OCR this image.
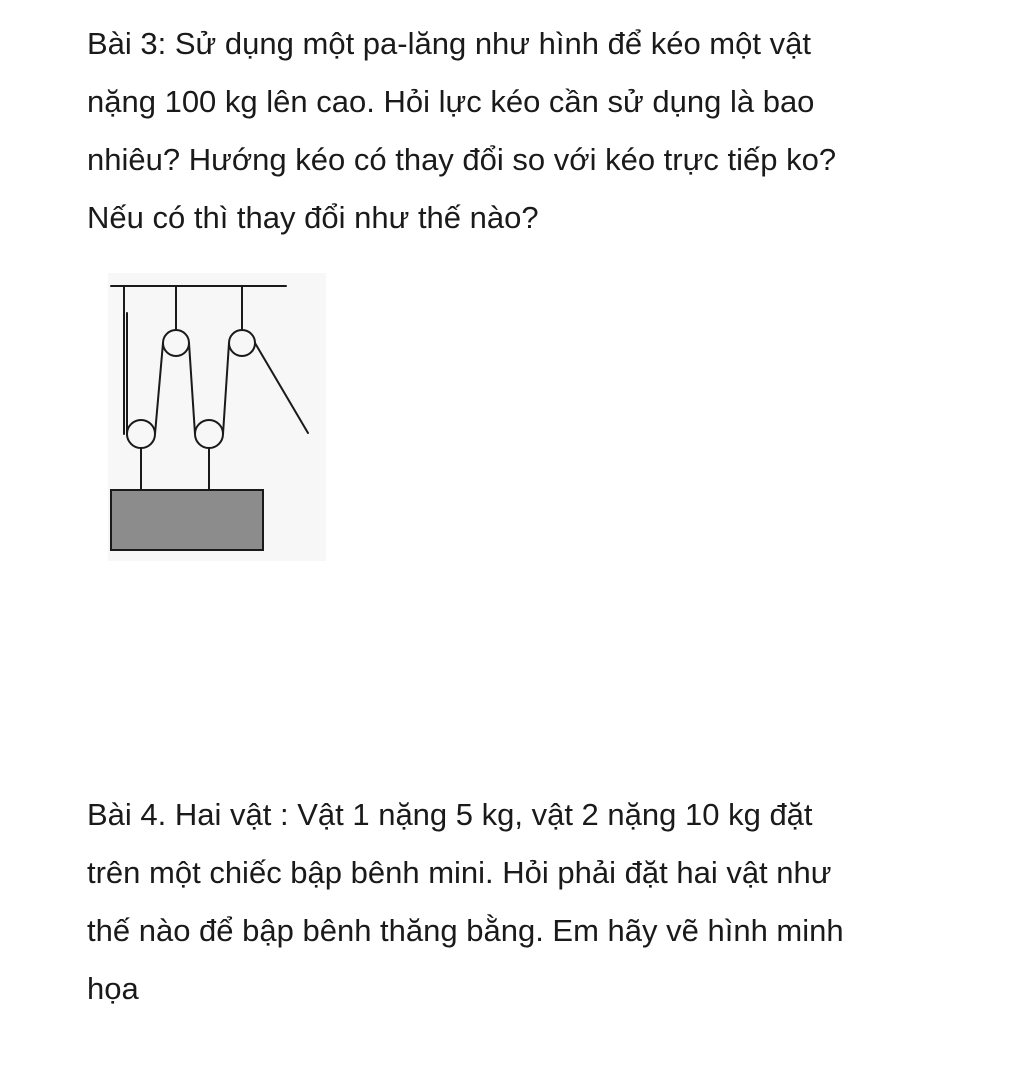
Bài 3: Sử dụng một pa-lăng như hình để kéo một vật

nặng 100 kg lên cao. Hỏi lực kéo cần sử dụng là bao

nhiêu? Hướng kéo có thay đổi so với kéo trực tiếp ko?

Nếu có thì thay đổi như thế nào?

Bài 4. Hai vật : Vật 1 nặng 5 kg, vật 2 nặng 10 kg đặt

trên một chiếc bập bênh mini. Hỏi phải đặt hai vật như

thế nào để bập bênh thăng bằng. Em hãy vẽ hình minh

họa
